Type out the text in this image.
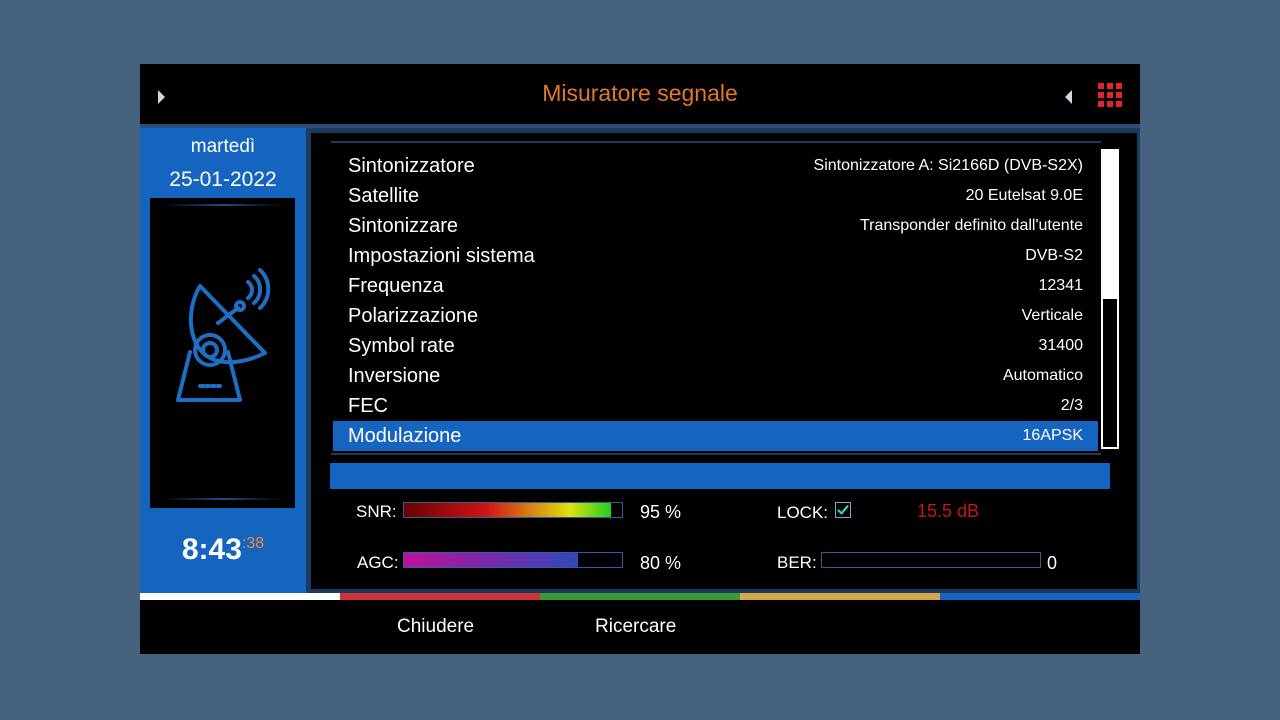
Misuratore segnale
martedì
25-01-2022
8:43:38
Sintonizzatore	Sintonizzatore A: Si2166D (DVB-S2X)
Satellite	20 Eutelsat 9.0E
Sintonizzare	Transponder definito dall'utente
Impostazioni sistema	DVB-S2
Frequenza	12341
Polarizzazione	Verticale
Symbol rate	31400
Inversione	Automatico
FEC	2/3
Modulazione	16APSK
Chiudere	Ricercare
SNR:	95 %	LOCK:	15.5 dB
AGC:	80 %	BER:	0
